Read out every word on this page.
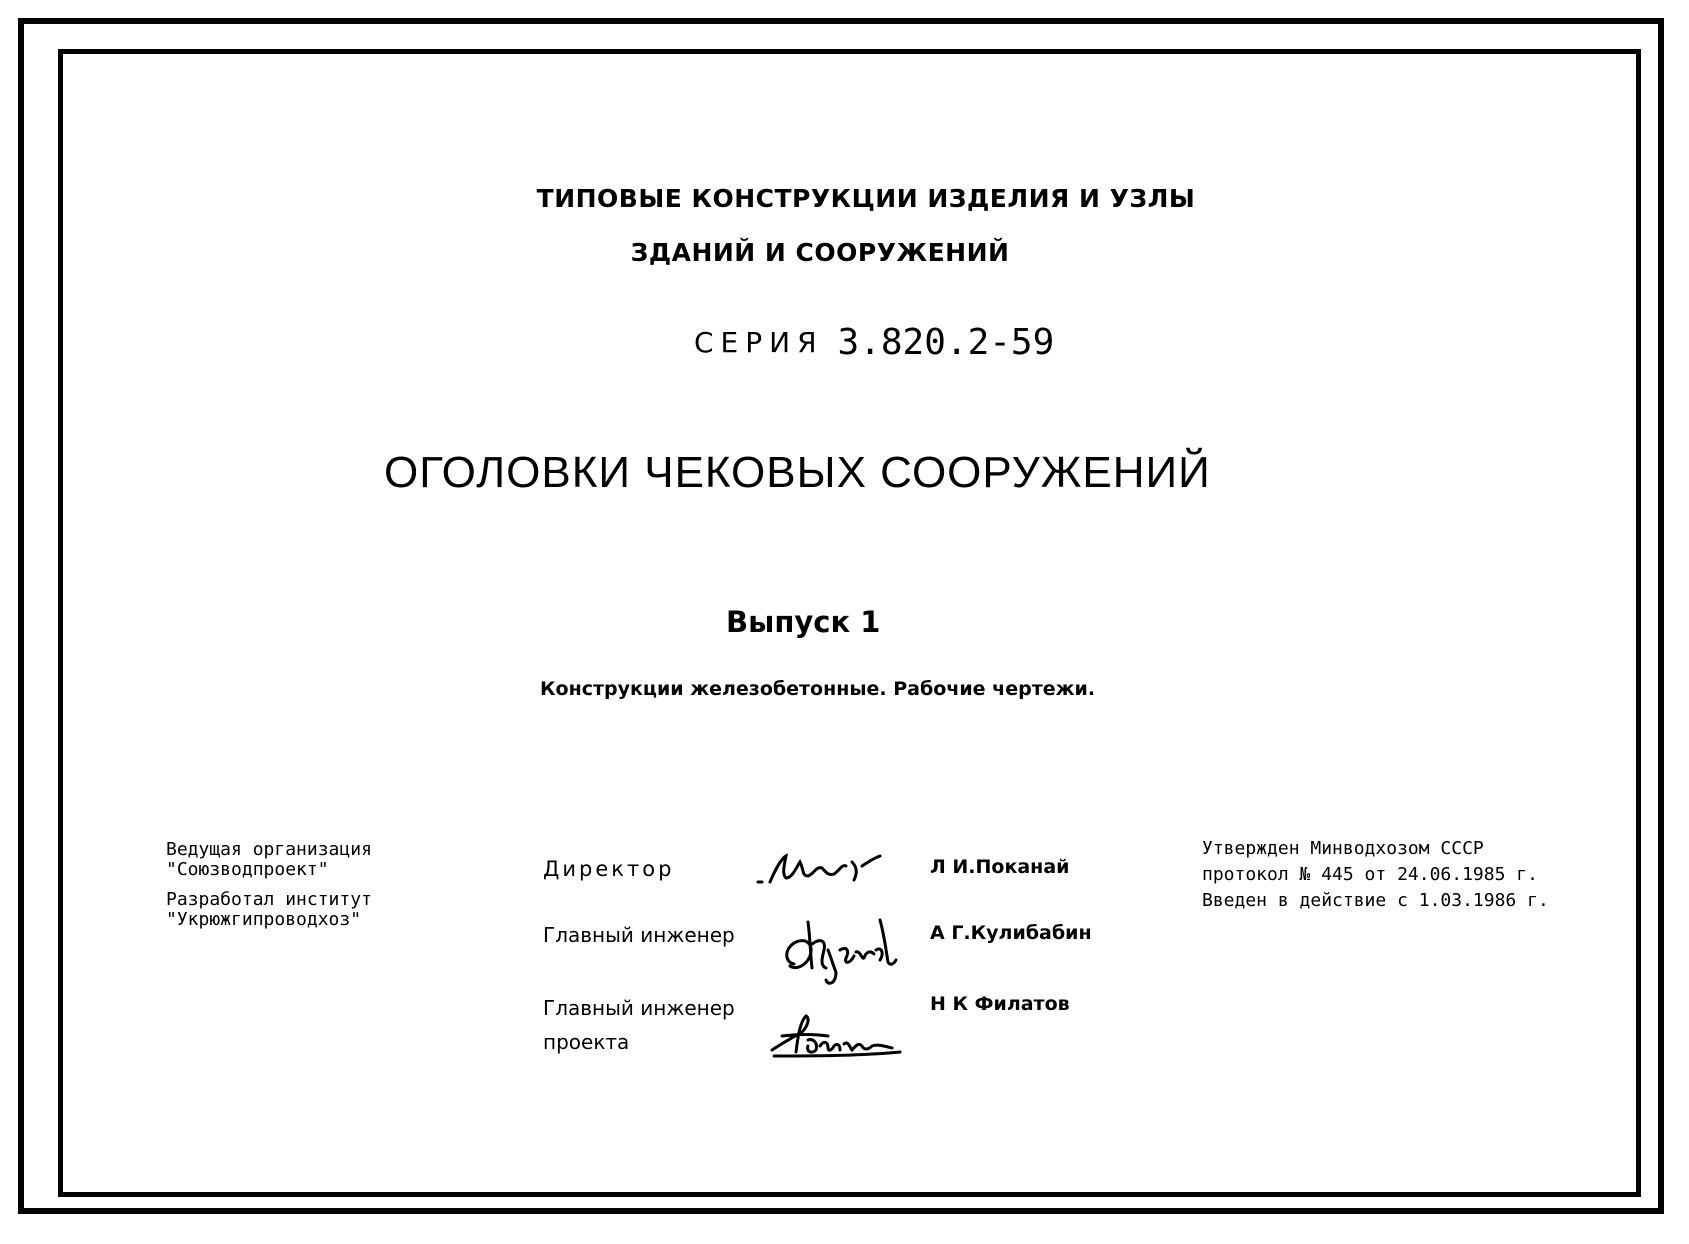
ТИПОВЫЕ КОНСТРУКЦИИ ИЗДЕЛИЯ И УЗЛЫ
ЗДАНИЙ И СООРУЖЕНИЙ
СЕРИЯ 3.820.2-59
ОГОЛОВКИ ЧЕКОВЫХ СООРУЖЕНИЙ
Выпуск 1
Конструкции железобетонные. Рабочие чертежи.
Ведущая организация
"Союзводпроект"
Разработал институт
"Укрюжгипроводхоз"
Утвержден Минводхозом СССР
протокол № 445 от 24.06.1985 г.
Введен в действие с 1.03.1986 г.
Директор	Л И.Поканай
Главный инженер	А Г.Кулибабин
Главный инженер
проекта
Н К Филатов
